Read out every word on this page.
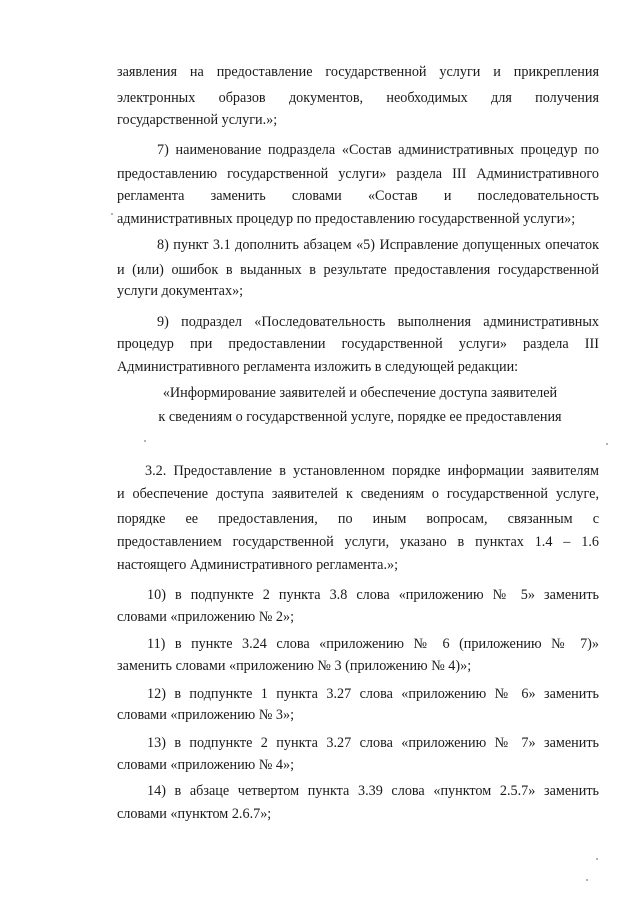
заявления на предоставление государственной услуги и прикрепления
электронных образов документов, необходимых для получения
государственной услуги.»;
7) наименование подраздела «Состав административных процедур по
предоставлению государственной услуги» раздела III Административного
регламента заменить словами «Состав и последовательность
административных процедур по предоставлению государственной услуги»;
8) пункт 3.1 дополнить абзацем «5) Исправление допущенных опечаток
и (или) ошибок в выданных в результате предоставления государственной
услуги документах»;
9) подраздел «Последовательность выполнения административных
процедур при предоставлении государственной услуги» раздела III
Административного регламента изложить в следующей редакции:
«Информирование заявителей и обеспечение доступа заявителей
к сведениям о государственной услуге, порядке ее предоставления
3.2. Предоставление в установленном порядке информации заявителям
и обеспечение доступа заявителей к сведениям о государственной услуге,
порядке ее предоставления, по иным вопросам, связанным с
предоставлением государственной услуги, указано в пунктах 1.4 – 1.6
настоящего Административного регламента.»;
10) в подпункте 2 пункта 3.8 слова «приложению № 5» заменить
словами «приложению № 2»;
11) в пункте 3.24 слова «приложению № 6 (приложению № 7)»
заменить словами «приложению № 3 (приложению № 4)»;
12) в подпункте 1 пункта 3.27 слова «приложению № 6» заменить
словами «приложению № 3»;
13) в подпункте 2 пункта 3.27 слова «приложению № 7» заменить
словами «приложению № 4»;
14) в абзаце четвертом пункта 3.39 слова «пунктом 2.5.7» заменить
словами «пунктом 2.6.7»;
